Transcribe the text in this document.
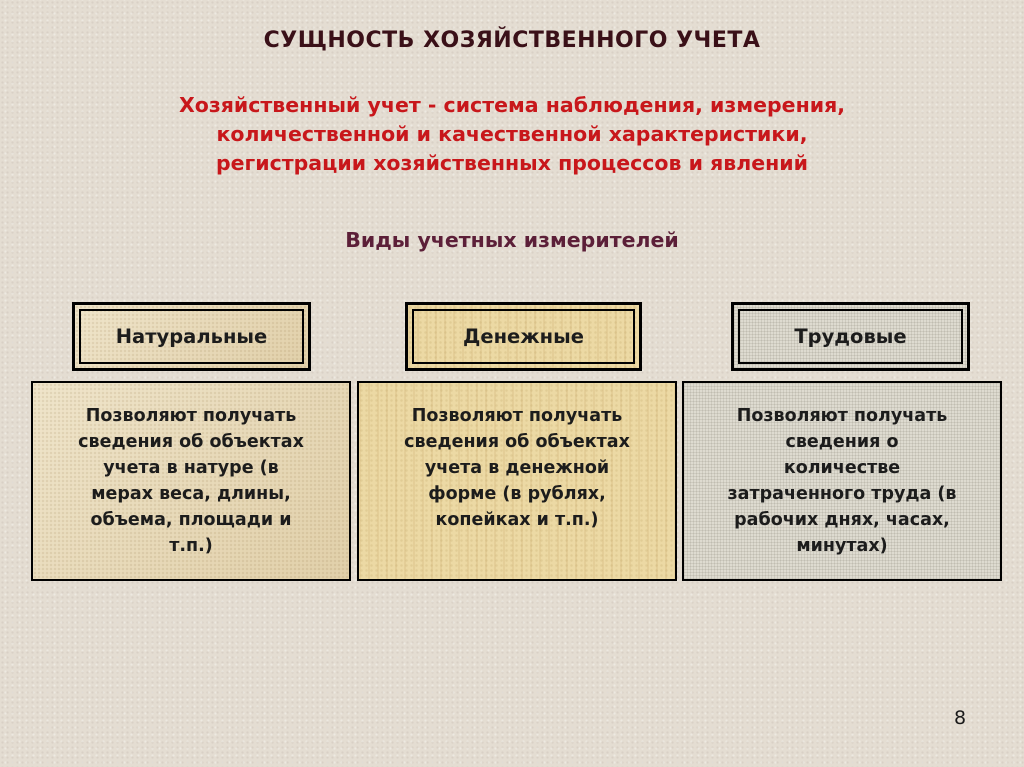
СУЩНОСТЬ ХОЗЯЙСТВЕННОГО УЧЕТА
Хозяйственный учет - система наблюдения, измерения,
количественной и качественной характеристики,
регистрации хозяйственных процессов и явлений
Виды учетных измерителей
Натуральные	Денежные	Трудовые
Позволяют получать
сведения об объектах
учета в натуре (в
мерах веса, длины,
объема, площади и
т.п.)
Позволяют получать
сведения об объектах
учета в денежной
форме (в рублях,
копейках и т.п.)
Позволяют получать
сведения о
количестве
затраченного труда (в
рабочих днях, часах,
минутах)
8
